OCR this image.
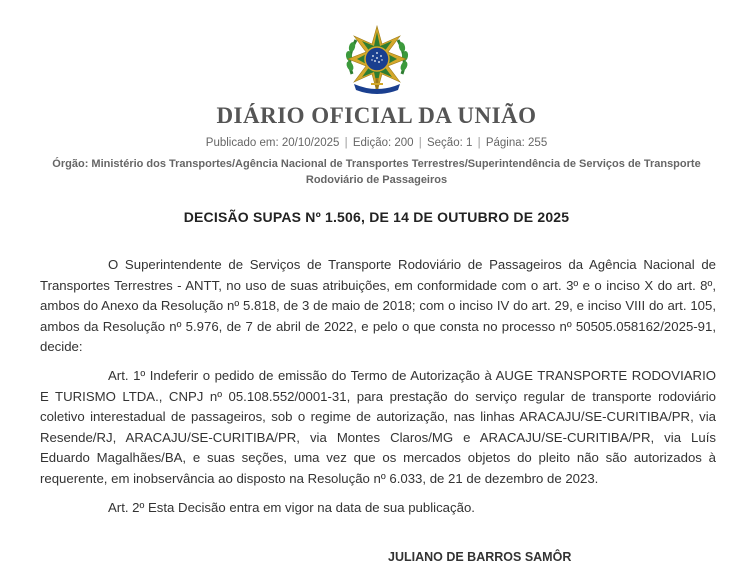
DIÁRIO OFICIAL DA UNIÃO
Publicado em: 20/10/2025 | Edição: 200 | Seção: 1 | Página: 255
Órgão: Ministério dos Transportes/Agência Nacional de Transportes Terrestres/Superintendência de Serviços de Transporte Rodoviário de Passageiros
DECISÃO SUPAS Nº 1.506, DE 14 DE OUTUBRO DE 2025

O Superintendente de Serviços de Transporte Rodoviário de Passageiros da Agência Nacional de Transportes Terrestres - ANTT, no uso de suas atribuições, em conformidade com o art. 3º e o inciso X do art. 8º, ambos do Anexo da Resolução nº 5.818, de 3 de maio de 2018; com o inciso IV do art. 29, e inciso VIII do art. 105, ambos da Resolução nº 5.976, de 7 de abril de 2022, e pelo o que consta no processo nº 50505.058162/2025-91, decide:

Art. 1º Indeferir o pedido de emissão do Termo de Autorização à AUGE TRANSPORTE RODOVIARIO E TURISMO LTDA., CNPJ nº 05.108.552/0001-31, para prestação do serviço regular de transporte rodoviário coletivo interestadual de passageiros, sob o regime de autorização, nas linhas ARACAJU/SE-CURITIBA/PR, via Resende/RJ, ARACAJU/SE-CURITIBA/PR, via Montes Claros/MG e ARACAJU/SE-CURITIBA/PR, via Luís Eduardo Magalhães/BA, e suas seções, uma vez que os mercados objetos do pleito não são autorizados à requerente, em inobservância ao disposto na Resolução nº 6.033, de 21 de dezembro de 2023.

Art. 2º Esta Decisão entra em vigor na data de sua publicação.

JULIANO DE BARROS SAMÔR
